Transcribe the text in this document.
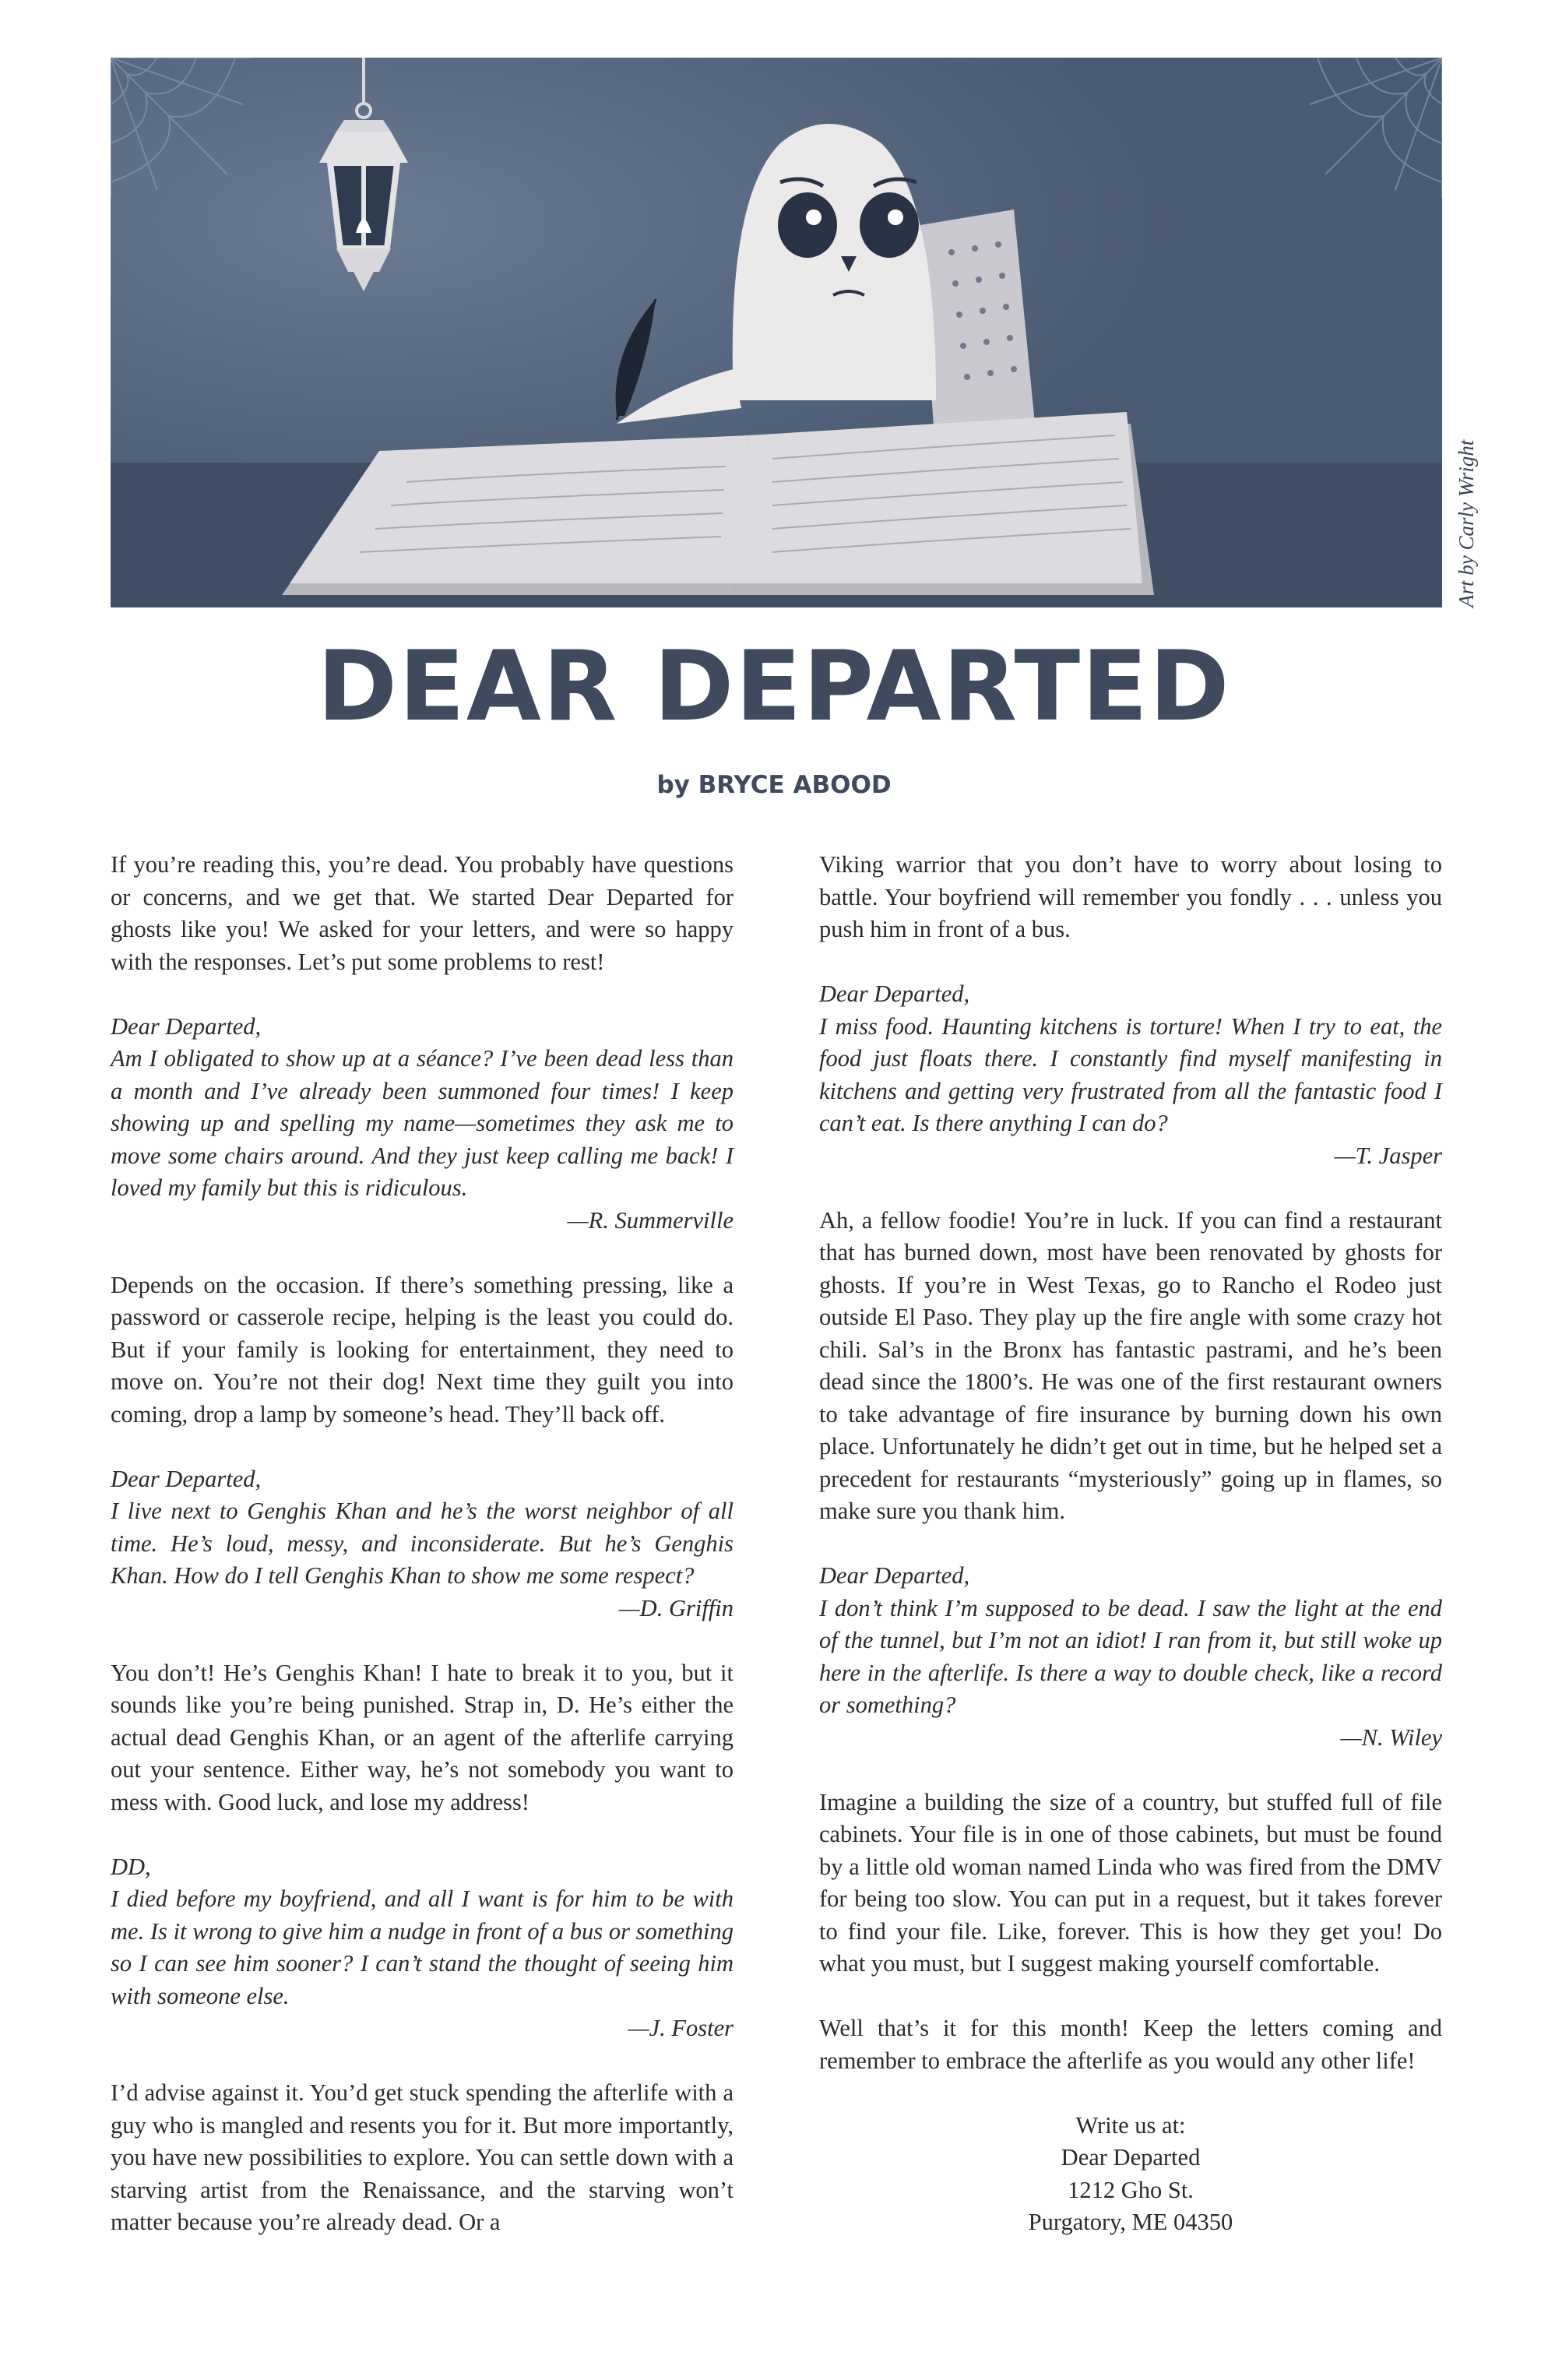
Art by Carly Wright
DEAR DEPARTED
by BRYCE ABOOD

If you’re reading this, you’re dead. You probably have questions or concerns, and we get that. We started Dear Departed for ghosts like you! We asked for your letters, and were so happy with the responses. Let’s put some problems to rest!

Dear Departed,

Am I obligated to show up at a séance? I’ve been dead less than a month and I’ve already been summoned four times! I keep showing up and spelling my name—sometimes they ask me to move some chairs around. And they just keep calling me back! I loved my family but this is ridiculous.

—R. Summerville

Depends on the occasion. If there’s something pressing, like a password or casserole recipe, helping is the least you could do. But if your family is looking for entertainment, they need to move on. You’re not their dog! Next time they guilt you into coming, drop a lamp by someone’s head. They’ll back off.

Dear Departed,

I live next to Genghis Khan and he’s the worst neighbor of all time. He’s loud, messy, and inconsiderate. But he’s Genghis Khan. How do I tell Genghis Khan to show me some respect?

—D. Griffin

You don’t! He’s Genghis Khan! I hate to break it to you, but it sounds like you’re being punished. Strap in, D. He’s either the actual dead Genghis Khan, or an agent of the afterlife carrying out your sentence. Either way, he’s not somebody you want to mess with. Good luck, and lose my address!

DD,

I died before my boyfriend, and all I want is for him to be with me. Is it wrong to give him a nudge in front of a bus or something so I can see him sooner? I can’t stand the thought of seeing him with someone else.

—J. Foster

I’d advise against it. You’d get stuck spending the afterlife with a guy who is mangled and resents you for it. But more importantly, you have new possibilities to explore. You can settle down with a starving artist from the Renaissance, and the starving won’t matter because you’re already dead. Or a

Viking warrior that you don’t have to worry about losing to battle. Your boyfriend will remember you fondly . . . unless you push him in front of a bus.

Dear Departed,

I miss food. Haunting kitchens is torture! When I try to eat, the food just floats there. I constantly find myself manifesting in kitchens and getting very frustrated from all the fantastic food I can’t eat. Is there anything I can do?

—T. Jasper

Ah, a fellow foodie! You’re in luck. If you can find a restaurant that has burned down, most have been renovated by ghosts for ghosts. If you’re in West Texas, go to Rancho el Rodeo just outside El Paso. They play up the fire angle with some crazy hot chili. Sal’s in the Bronx has fantastic pastrami, and he’s been dead since the 1800’s. He was one of the first restaurant owners to take advantage of fire insurance by burning down his own place. Unfortunately he didn’t get out in time, but he helped set a precedent for restaurants “mysteriously” going up in flames, so make sure you thank him.

Dear Departed,

I don’t think I’m supposed to be dead. I saw the light at the end of the tunnel, but I’m not an idiot! I ran from it, but still woke up here in the afterlife. Is there a way to double check, like a record or something?

—N. Wiley

Imagine a building the size of a country, but stuffed full of file cabinets. Your file is in one of those cabinets, but must be found by a little old woman named Linda who was fired from the DMV for being too slow. You can put in a request, but it takes forever to find your file. Like, forever. This is how they get you! Do what you must, but I suggest making yourself comfortable.

Well that’s it for this month! Keep the letters coming and remember to embrace the afterlife as you would any other life!

Write us at:
Dear Departed
1212 Gho St.
Purgatory, ME 04350
